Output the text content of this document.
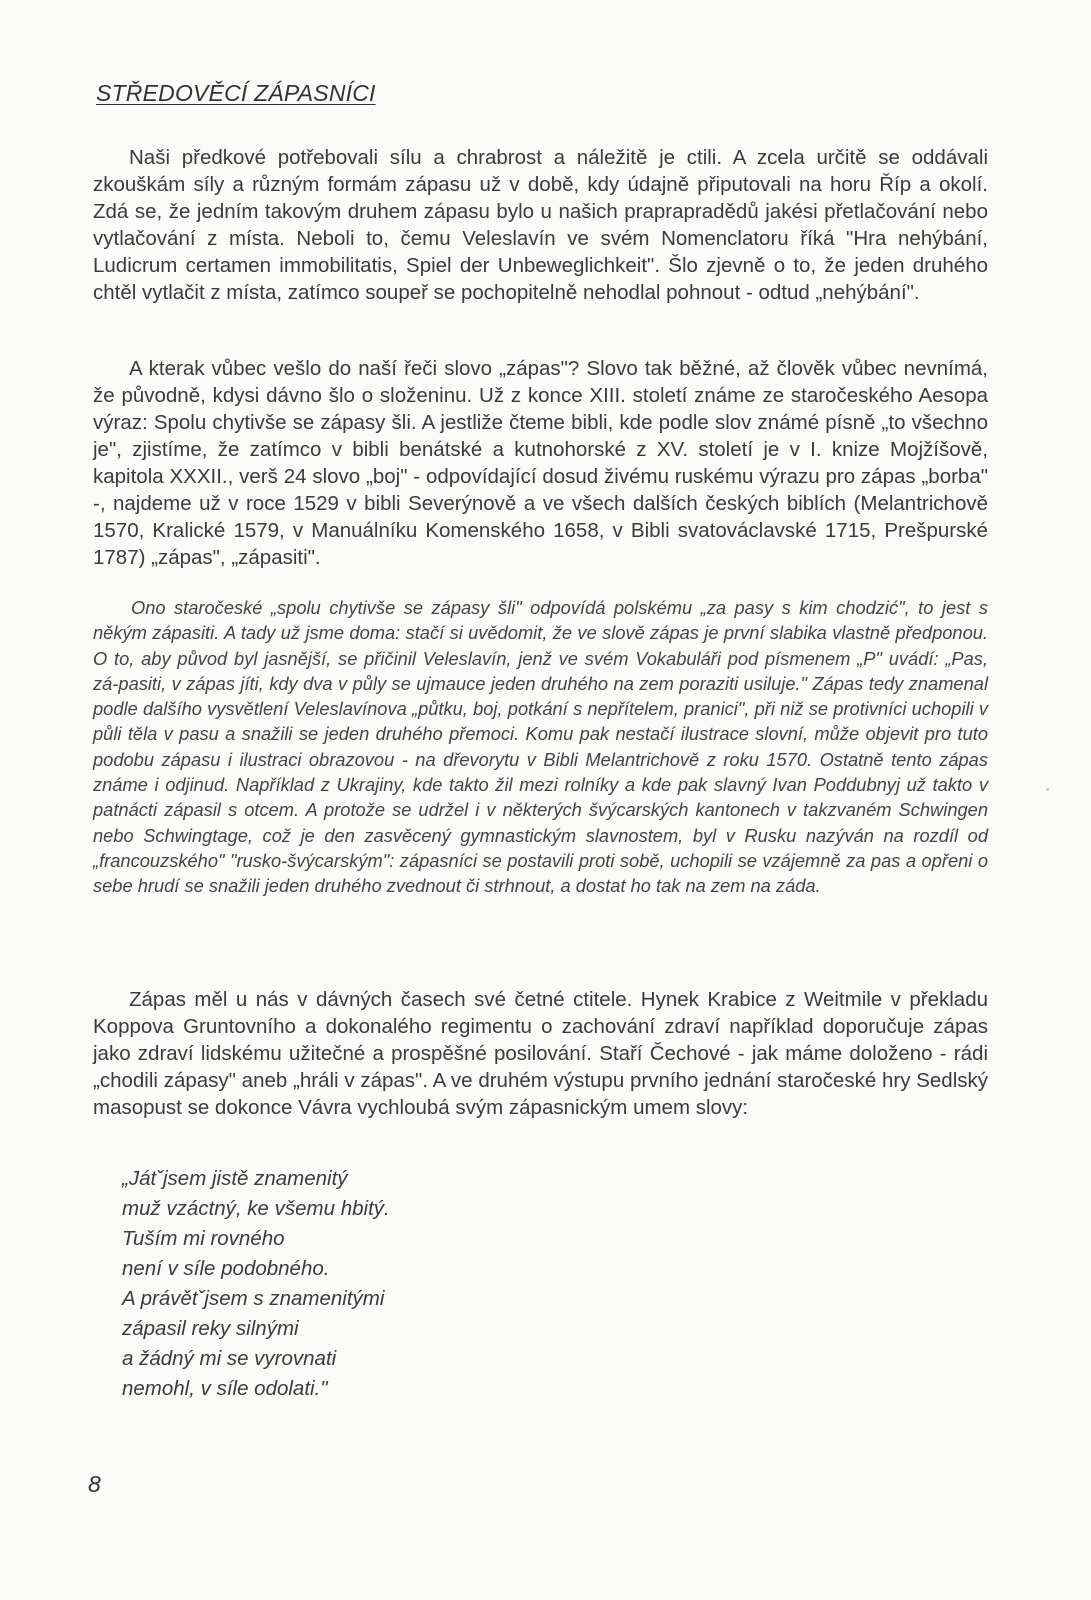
STŘEDOVĚCÍ ZÁPASNÍCI

Naši předkové potřebovali sílu a chrabrost a náležitě je ctili. A zcela určitě se oddávali zkouškám síly a různým formám zápasu už v době, kdy údajně připutovali na horu Říp a okolí. Zdá se, že jedním takovým druhem zápasu bylo u našich praprapradědů jakési přetlačování nebo vytlačování z místa. Neboli to, čemu Veleslavín ve svém Nomenclatoru říká "Hra nehýbání, Ludicrum certamen immobilitatis, Spiel der Unbeweglichkeit". Šlo zjevně o to, že jeden druhého chtěl vytlačit z místa, zatímco soupeř se pochopitelně nehodlal pohnout - odtud „nehýbání".

A kterak vůbec vešlo do naší řeči slovo „zápas"? Slovo tak běžné, až člověk vůbec nevnímá, že původně, kdysi dávno šlo o složeninu. Už z konce XIII. století známe ze staročeského Aesopa výraz: Spolu chytivše se zápasy šli. A jestliže čteme bibli, kde podle slov známé písně „to všechno je", zjistíme, že zatímco v bibli benátské a kutnohorské z XV. století je v I. knize Mojžíšově, kapitola XXXII., verš 24 slovo „boj" - odpovídající dosud živému ruskému výrazu pro zápas „borba" -, najdeme už v roce 1529 v bibli Severýnově a ve všech dalších českých biblích (Melantrichově 1570, Kralické 1579, v Manuálníku Komenského 1658, v Bibli svatováclavské 1715, Prešpurské 1787) „zápas", „zápasiti".

Ono staročeské „spolu chytivše se zápasy šli" odpovídá polskému „za pasy s kim chodzić", to jest s někým zápasiti. A tady už jsme doma: stačí si uvědomit, že ve slově zápas je první slabika vlastně předponou. O to, aby původ byl jasnější, se přičinil Veleslavín, jenž ve svém Vokabuláři pod písmenem „P" uvádí: „Pas, zá-pasiti, v zápas jíti, kdy dva v půly se ujmauce jeden druhého na zem poraziti usiluje." Zápas tedy znamenal podle dalšího vysvětlení Veleslavínova „půtku, boj, potkání s nepřítelem, pranici", při niž se protivníci uchopili v půli těla v pasu a snažili se jeden druhého přemoci. Komu pak nestačí ilustrace slovní, může objevit pro tuto podobu zápasu i ilustraci obrazovou - na dřevorytu v Bibli Melantrichově z roku 1570. Ostatně tento zápas známe i odjinud. Například z Ukrajiny, kde takto žil mezi rolníky a kde pak slavný Ivan Poddubnyj už takto v patnácti zápasil s otcem. A protože se udržel i v některých švýcarských kantonech v takzvaném Schwingen nebo Schwingtage, což je den zasvěcený gymnastickým slavnostem, byl v Rusku nazýván na rozdíl od „francouzského" "rusko-švýcarským": zápasníci se postavili proti sobě, uchopili se vzájemně za pas a opřeni o sebe hrudí se snažili jeden druhého zvednout či strhnout, a dostat ho tak na zem na záda.

Zápas měl u nás v dávných časech své četné ctitele. Hynek Krabice z Weitmile v překladu Koppova Gruntovního a dokonalého regimentu o zachování zdraví například doporučuje zápas jako zdraví lidskému užitečné a prospěšné posilování. Staří Čechové - jak máme doloženo - rádi „chodili zápasy" aneb „hráli v zápas". A ve druhém výstupu prvního jednání staročeské hry Sedlský masopust se dokonce Vávra vychloubá svým zápasnickým umem slovy:

„Játˇjsem jistě znamenitý
muž vzáctný, ke všemu hbitý.
Tuším mi rovného
není v síle podobného.
A právětˇjsem s znamenitými
zápasil reky silnými
a žádný mi se vyrovnati
nemohl, v síle odolati."
8
